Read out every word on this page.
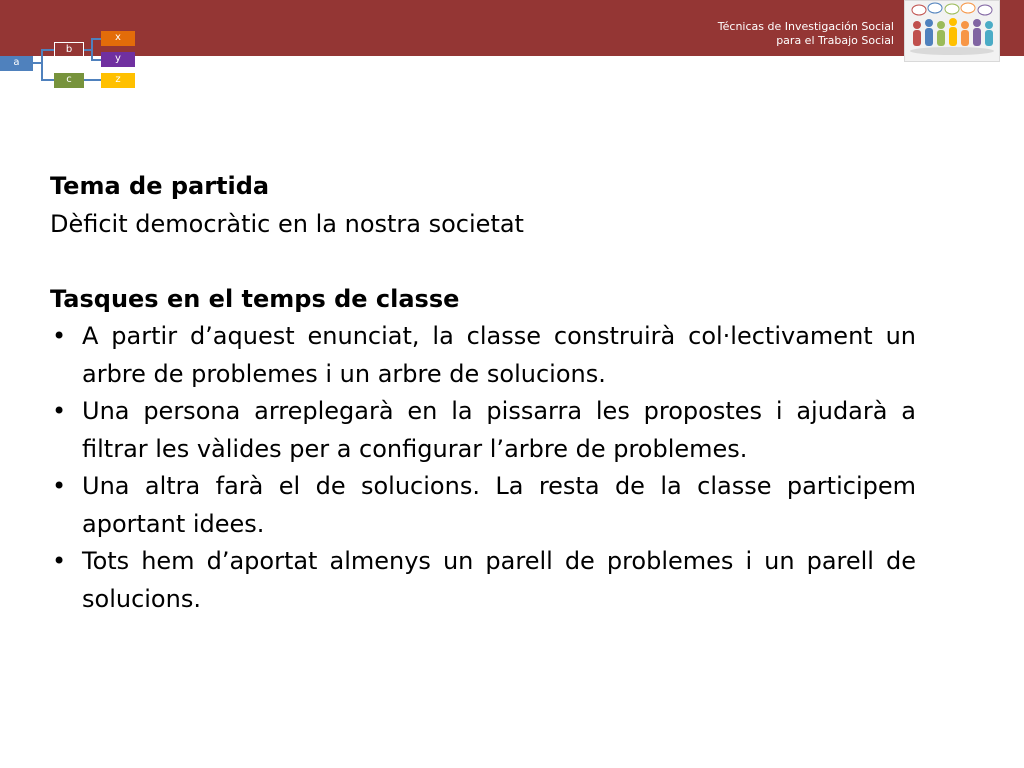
Técnicas de Investigación Social
para el Trabajo Social
a
b
c
x
y
z
Tema de partida
Dèficit democràtic en la nostra societat
Tasques en el temps de classe
• A partir d’aquest enunciat, la classe construirà col·lectivament un arbre de problemes i un arbre de solucions.
• Una persona arreplegarà en la pissarra les propostes i ajudarà a filtrar les vàlides per a configurar l’arbre de problemes.
• Una altra farà el de solucions. La resta de la classe participem aportant idees.
• Tots hem d’aportat almenys un parell de problemes i un parell de solucions.
